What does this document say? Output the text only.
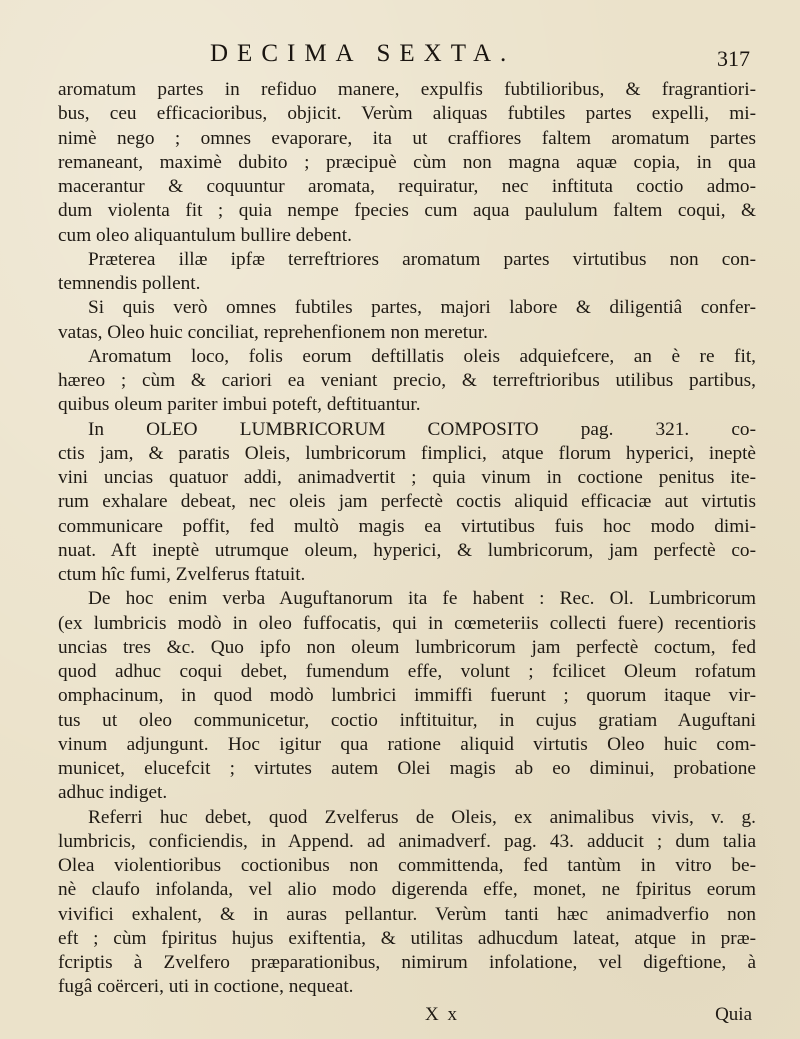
DECIMA SEXTA.	317
aromatum partes in refiduo manere, expulfis fubtilioribus, & fragrantiori-
bus, ceu efficacioribus, objicit. Verùm aliquas fubtiles partes expelli, mi-
nimè nego ; omnes evaporare, ita ut craffiores faltem aromatum partes
remaneant, maximè dubito ; præcipuè cùm non magna aquæ copia, in qua
macerantur & coquuntur aromata, requiratur, nec inftituta coctio admo-
dum violenta fit ; quia nempe fpecies cum aqua paululum faltem coqui, &
cum oleo aliquantulum bullire debent.
Præterea illæ ipfæ terreftriores aromatum partes virtutibus non con-
temnendis pollent.
Si quis verò omnes fubtiles partes, majori labore & diligentiâ confer-
vatas, Oleo huic conciliat, reprehenfionem non meretur.
Aromatum loco, folis eorum deftillatis oleis adquiefcere, an è re fit,
hæreo ; cùm & cariori ea veniant precio, & terreftrioribus utilibus partibus,
quibus oleum pariter imbui poteft, deftituantur.
In OLEO LUMBRICORUM COMPOSITO pag. 321. co-
ctis jam, & paratis Oleis, lumbricorum fimplici, atque florum hyperici, ineptè
vini uncias quatuor addi, animadvertit ; quia vinum in coctione penitus ite-
rum exhalare debeat, nec oleis jam perfectè coctis aliquid efficaciæ aut virtutis
communicare poffit, fed multò magis ea virtutibus fuis hoc modo dimi-
nuat. Aft ineptè utrumque oleum, hyperici, & lumbricorum, jam perfectè co-
ctum hîc fumi, Zvelferus ftatuit.
De hoc enim verba Auguftanorum ita fe habent : Rec. Ol. Lumbricorum
(ex lumbricis modò in oleo fuffocatis, qui in cœmeteriis collecti fuere) recentioris
uncias tres &c. Quo ipfo non oleum lumbricorum jam perfectè coctum, fed
quod adhuc coqui debet, fumendum effe, volunt ; fcilicet Oleum rofatum
omphacinum, in quod modò lumbrici immiffi fuerunt ; quorum itaque vir-
tus ut oleo communicetur, coctio inftituitur, in cujus gratiam Auguftani
vinum adjungunt. Hoc igitur qua ratione aliquid virtutis Oleo huic com-
municet, elucefcit ; virtutes autem Olei magis ab eo diminui, probatione
adhuc indiget.
Referri huc debet, quod Zvelferus de Oleis, ex animalibus vivis, v. g.
lumbricis, conficiendis, in Append. ad animadverf. pag. 43. adducit ; dum talia
Olea violentioribus coctionibus non committenda, fed tantùm in vitro be-
nè claufo infolanda, vel alio modo digerenda effe, monet, ne fpiritus eorum
vivifici exhalent, & in auras pellantur. Verùm tanti hæc animadverfio non
eft ; cùm fpiritus hujus exiftentia, & utilitas adhucdum lateat, atque in præ-
fcriptis à Zvelfero præparationibus, nimirum infolatione, vel digeftione, à
fugâ coërceri, uti in coctione, nequeat.
X x	Quia
